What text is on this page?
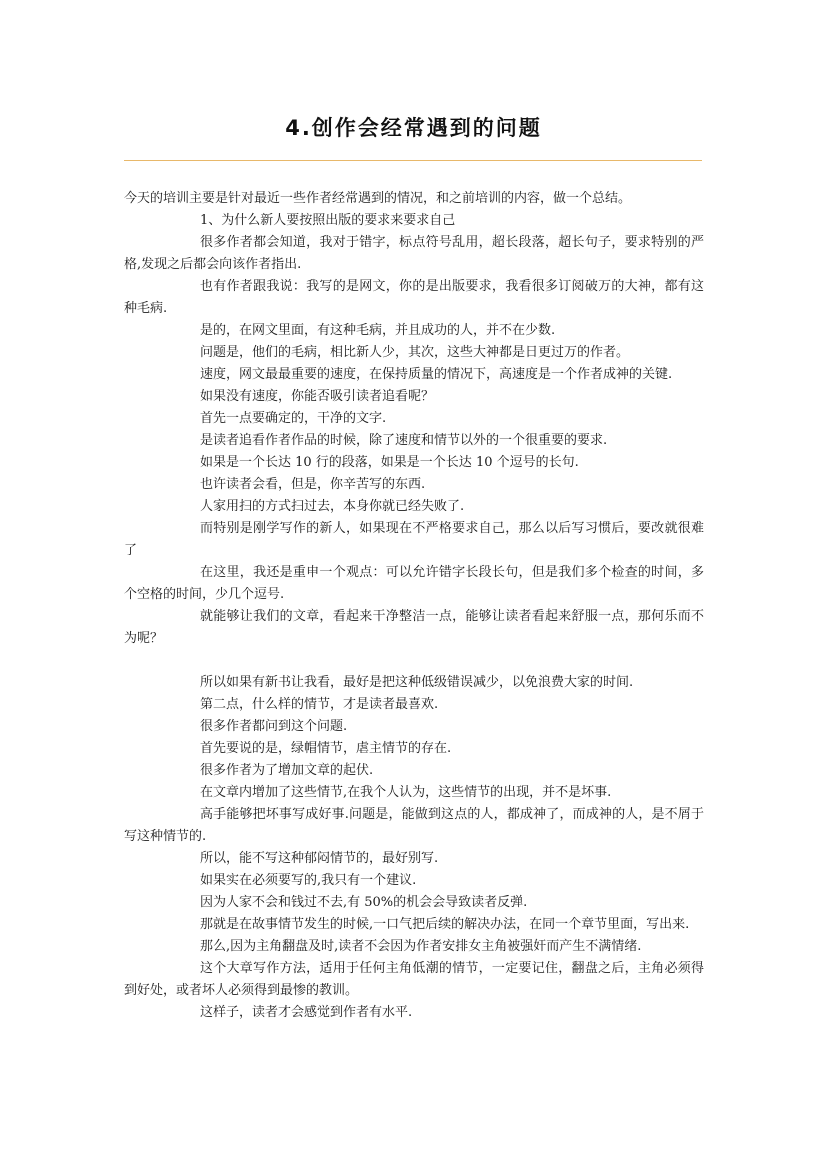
4.创作会经常遇到的问题

今天的培训主要是针对最近一些作者经常遇到的情况，和之前培训的内容，做一个总结。

1、为什么新人要按照出版的要求来要求自己

很多作者都会知道，我对于错字，标点符号乱用，超长段落，超长句子，要求特别的严格,发现之后都会向该作者指出.

也有作者跟我说：我写的是网文，你的是出版要求，我看很多订阅破万的大神，都有这种毛病.

是的，在网文里面，有这种毛病，并且成功的人，并不在少数.

问题是，他们的毛病，相比新人少，其次，这些大神都是日更过万的作者。

速度，网文最最重要的速度，在保持质量的情况下，高速度是一个作者成神的关键.

如果没有速度，你能否吸引读者追看呢？

首先一点要确定的，干净的文字.

是读者追看作者作品的时候，除了速度和情节以外的一个很重要的要求.

如果是一个长达 10 行的段落，如果是一个长达 10 个逗号的长句.

也许读者会看，但是，你辛苦写的东西.

人家用扫的方式扫过去，本身你就已经失败了.

而特别是刚学写作的新人，如果现在不严格要求自己，那么以后写习惯后，要改就很难了

在这里，我还是重申一个观点：可以允许错字长段长句，但是我们多个检查的时间，多个空格的时间，少几个逗号.

就能够让我们的文章，看起来干净整洁一点，能够让读者看起来舒服一点，那何乐而不为呢？

所以如果有新书让我看，最好是把这种低级错误减少，以免浪费大家的时间.

第二点，什么样的情节，才是读者最喜欢.

很多作者都问到这个问题.

首先要说的是，绿帽情节，虐主情节的存在.

很多作者为了增加文章的起伏.

在文章内增加了这些情节,在我个人认为，这些情节的出现，并不是坏事.

高手能够把坏事写成好事.问题是，能做到这点的人，都成神了，而成神的人，是不屑于写这种情节的.

所以，能不写这种郁闷情节的，最好别写.

如果实在必须要写的,我只有一个建议.

因为人家不会和钱过不去,有 50%的机会会导致读者反弹.

那就是在故事情节发生的时候,一口气把后续的解决办法，在同一个章节里面，写出来.

那么,因为主角翻盘及时,读者不会因为作者安排女主角被强奸而产生不满情绪.

这个大章写作方法，适用于任何主角低潮的情节，一定要记住，翻盘之后，主角必须得到好处，或者坏人必须得到最惨的教训。

这样子，读者才会感觉到作者有水平.
